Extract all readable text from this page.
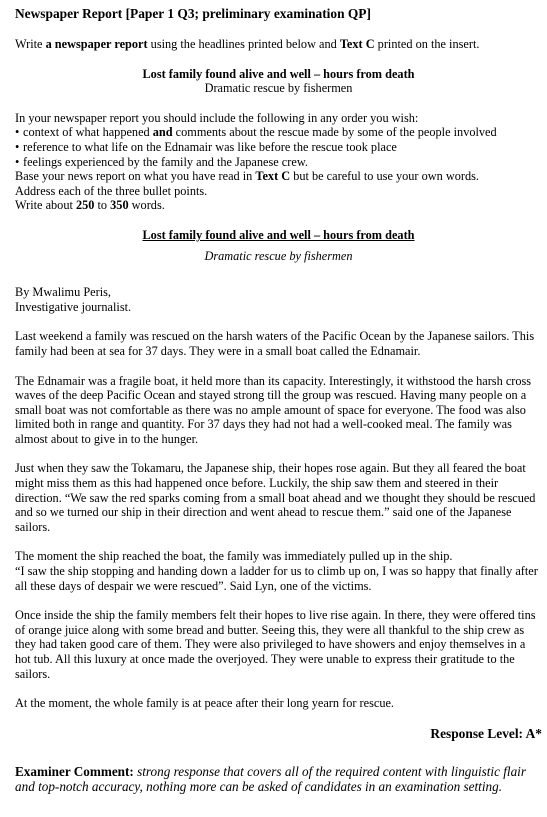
Newspaper Report [Paper 1 Q3; preliminary examination QP]

Write a newspaper report using the headlines printed below and Text C printed on the insert.

Lost family found alive and well – hours from death

Dramatic rescue by fishermen

In your newspaper report you should include the following in any order you wish:

• context of what happened and comments about the rescue made by some of the people involved
• reference to what life on the Ednamair was like before the rescue took place
• feelings experienced by the family and the Japanese crew.

Base your news report on what you have read in Text C but be careful to use your own words.

Address each of the three bullet points.

Write about 250 to 350 words.

Lost family found alive and well – hours from death

Dramatic rescue by fishermen

By Mwalimu Peris,

Investigative journalist.

Last weekend a family was rescued on the harsh waters of the Pacific Ocean by the Japanese sailors. This family had been at sea for 37 days. They were in a small boat called the Ednamair.

The Ednamair was a fragile boat, it held more than its capacity. Interestingly, it withstood the harsh cross waves of the deep Pacific Ocean and stayed strong till the group was rescued. Having many people on a small boat was not comfortable as there was no ample amount of space for everyone. The food was also limited both in range and quantity. For 37 days they had not had a well-cooked meal. The family was almost about to give in to the hunger.

Just when they saw the Tokamaru, the Japanese ship, their hopes rose again. But they all feared the boat might miss them as this had happened once before. Luckily, the ship saw them and steered in their direction. “We saw the red sparks coming from a small boat ahead and we thought they should be rescued and so we turned our ship in their direction and went ahead to rescue them.” said one of the Japanese sailors.

The moment the ship reached the boat, the family was immediately pulled up in the ship.
“I saw the ship stopping and handing down a ladder for us to climb up on, I was so happy that finally after all these days of despair we were rescued”. Said Lyn, one of the victims.

Once inside the ship the family members felt their hopes to live rise again. In there, they were offered tins of orange juice along with some bread and butter. Seeing this, they were all thankful to the ship crew as they had taken good care of them. They were also privileged to have showers and enjoy themselves in a hot tub. All this luxury at once made the overjoyed. They were unable to express their gratitude to the sailors.

At the moment, the whole family is at peace after their long yearn for rescue.

Response Level: A*

Examiner Comment: strong response that covers all of the required content with linguistic flair and top-notch accuracy, nothing more can be asked of candidates in an examination setting.
